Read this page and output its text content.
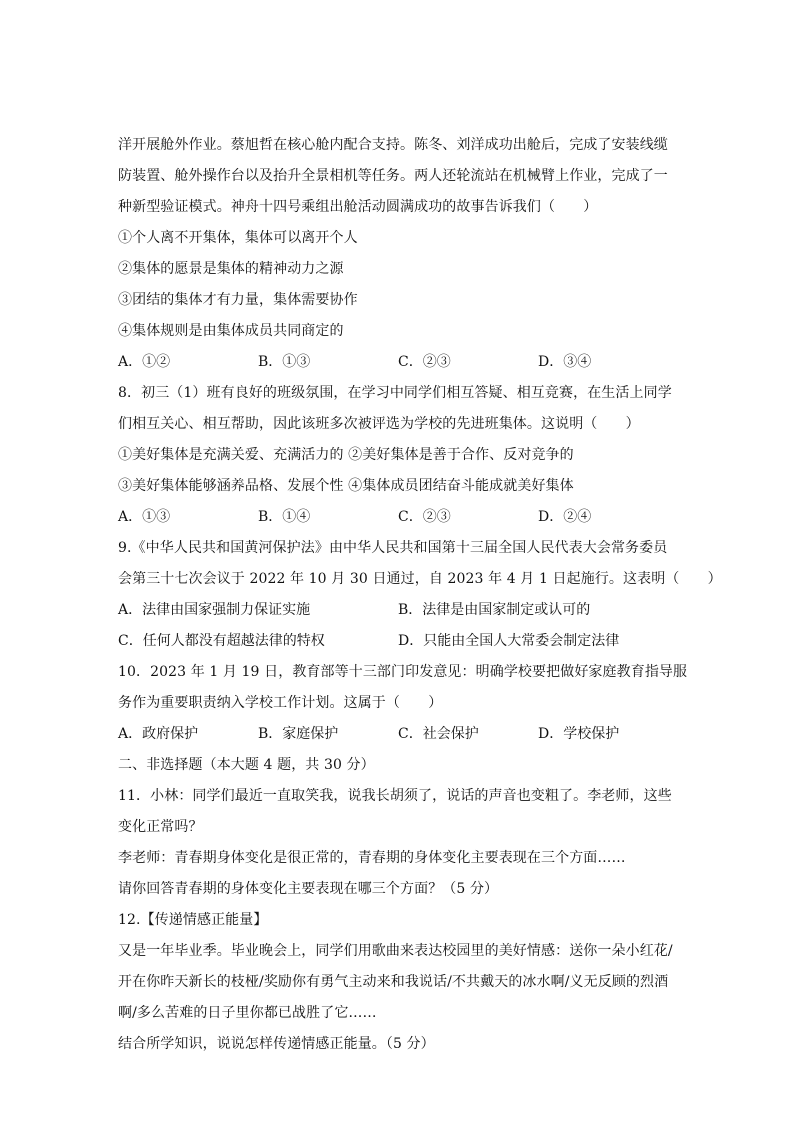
洋开展舱外作业。蔡旭哲在核心舱内配合支持。陈冬、刘洋成功出舱后，完成了安装线缆
防装置、舱外操作台以及抬升全景相机等任务。两人还轮流站在机械臂上作业，完成了一
种新型验证模式。神舟十四号乘组出舱活动圆满成功的故事告诉我们（　　）
①个人离不开集体，集体可以离开个人
②集体的愿景是集体的精神动力之源
③团结的集体才有力量，集体需要协作
④集体规则是由集体成员共同商定的
A．①②	B．①③	C．②③	D．③④
8．初三（1）班有良好的班级氛围，在学习中同学们相互答疑、相互竞赛，在生活上同学
们相互关心、相互帮助，因此该班多次被评选为学校的先进班集体。这说明（　　）
①美好集体是充满关爱、充满活力的 ②美好集体是善于合作、反对竞争的
③美好集体能够涵养品格、发展个性 ④集体成员团结奋斗能成就美好集体
A．①③	B．①④	C．②③	D．②④
9.《中华人民共和国黄河保护法》由中华人民共和国第十三届全国人民代表大会常务委员
会第三十七次会议于 2022 年 10 月 30 日通过，自 2023 年 4 月 1 日起施行。这表明（　　）
A．法律由国家强制力保证实施	B．法律是由国家制定或认可的
C．任何人都没有超越法律的特权	D．只能由全国人大常委会制定法律
10．2023 年 1 月 19 日，教育部等十三部门印发意见：明确学校要把做好家庭教育指导服
务作为重要职责纳入学校工作计划。这属于（　　）
A．政府保护	B．家庭保护	C．社会保护	D．学校保护
二、非选择题（本大题 4 题，共 30 分）
11．小林：同学们最近一直取笑我，说我长胡须了，说话的声音也变粗了。李老师，这些
变化正常吗？
李老师：青春期身体变化是很正常的，青春期的身体变化主要表现在三个方面……
请你回答青春期的身体变化主要表现在哪三个方面？（5 分）
12.【传递情感正能量】
又是一年毕业季。毕业晚会上，同学们用歌曲来表达校园里的美好情感：送你一朵小红花/
开在你昨天新长的枝桠/奖励你有勇气主动来和我说话/不共戴天的冰水啊/义无反顾的烈酒
啊/多么苦难的日子里你都已战胜了它……
结合所学知识，说说怎样传递情感正能量。（5 分）
